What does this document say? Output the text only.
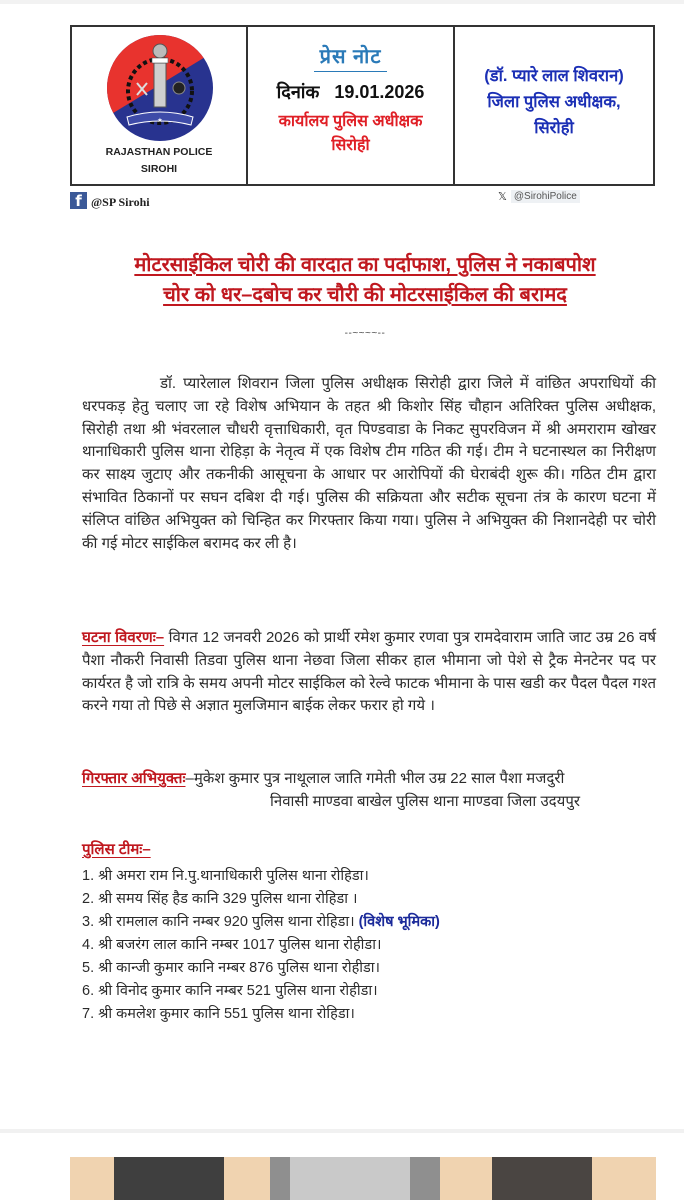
★
RAJASTHAN POLICE
SIROHI
प्रेस नोट
दिनांक 19.01.2026
कार्यालय पुलिस अधीक्षक
सिरोही
(डॉ. प्यारे लाल शिवरान)
जिला पुलिस अधीक्षक,
सिरोही
f @SP Sirohi	𝕏 @SirohiPolice
मोटरसाईकिल चोरी की वारदात का पर्दाफाश, पुलिस ने नकाबपोश
चोर को धर–दबोच कर चौरी की मोटरसाईकिल की बरामद
--~~~~--
डॉ. प्यारेलाल शिवरान जिला पुलिस अधीक्षक सिरोही द्वारा जिले में वांछित अपराधियों की धरपकड़ हेतु चलाए जा रहे विशेष अभियान के तहत श्री किशोर सिंह चौहान अतिरिक्त पुलिस अधीक्षक, सिरोही तथा श्री भंवरलाल चौधरी वृत्ताधिकारी, वृत पिण्डवाडा के निकट सुपरविजन में श्री अमराराम खोखर थानाधिकारी पुलिस थाना रोहिड़ा के नेतृत्व में एक विशेष टीम गठित की गई। टीम ने घटनास्थल का निरीक्षण कर साक्ष्य जुटाए और तकनीकी आसूचना के आधार पर आरोपियों की घेराबंदी शुरू की। गठित टीम द्वारा संभावित ठिकानों पर सघन दबिश दी गई। पुलिस की सक्रियता और सटीक सूचना तंत्र के कारण घटना में संलिप्त वांछित अभियुक्त को चिन्हित कर गिरफ्तार किया गया। पुलिस ने अभियुक्त की निशानदेही पर चोरी की गई मोटर साईकिल बरामद कर ली है।
घटना विवरणः– विगत 12 जनवरी 2026 को प्रार्थी रमेश कुमार रणवा पुत्र रामदेवाराम जाति जाट उम्र 26 वर्ष पैशा नौकरी निवासी तिडवा पुलिस थाना नेछवा जिला सीकर हाल भीमाना जो पेशे से ट्रैक मेनटेनर पद पर कार्यरत है जो रात्रि के समय अपनी मोटर साईकिल को रेल्वे फाटक भीमाना के पास खडी कर पैदल पैदल गश्त करने गया तो पिछे से अज्ञात मुलजिमान बाईक लेकर फरार हो गये ।
गिरफ्तार अभियुक्तः–मुकेश कुमार पुत्र नाथूलाल जाति गमेती भील उम्र 22 साल पैशा मजदुरी
निवासी माण्डवा बाखेल पुलिस थाना माण्डवा जिला उदयपुर
पुलिस टीमः–
1. श्री अमरा राम नि.पु.थानाधिकारी पुलिस थाना रोहिडा।
2. श्री समय सिंह हैड कानि 329 पुलिस थाना रोहिडा ।
3. श्री रामलाल कानि नम्बर 920 पुलिस थाना रोहिडा। (विशेष भूमिका)
4. श्री बजरंग लाल कानि नम्बर 1017 पुलिस थाना रोहीडा।
5. श्री कान्जी कुमार कानि नम्बर 876 पुलिस थाना रोहीडा।
6. श्री विनोद कुमार कानि नम्बर 521 पुलिस थाना रोहीडा।
7. श्री कमलेश कुमार कानि 551 पुलिस थाना रोहिडा।
